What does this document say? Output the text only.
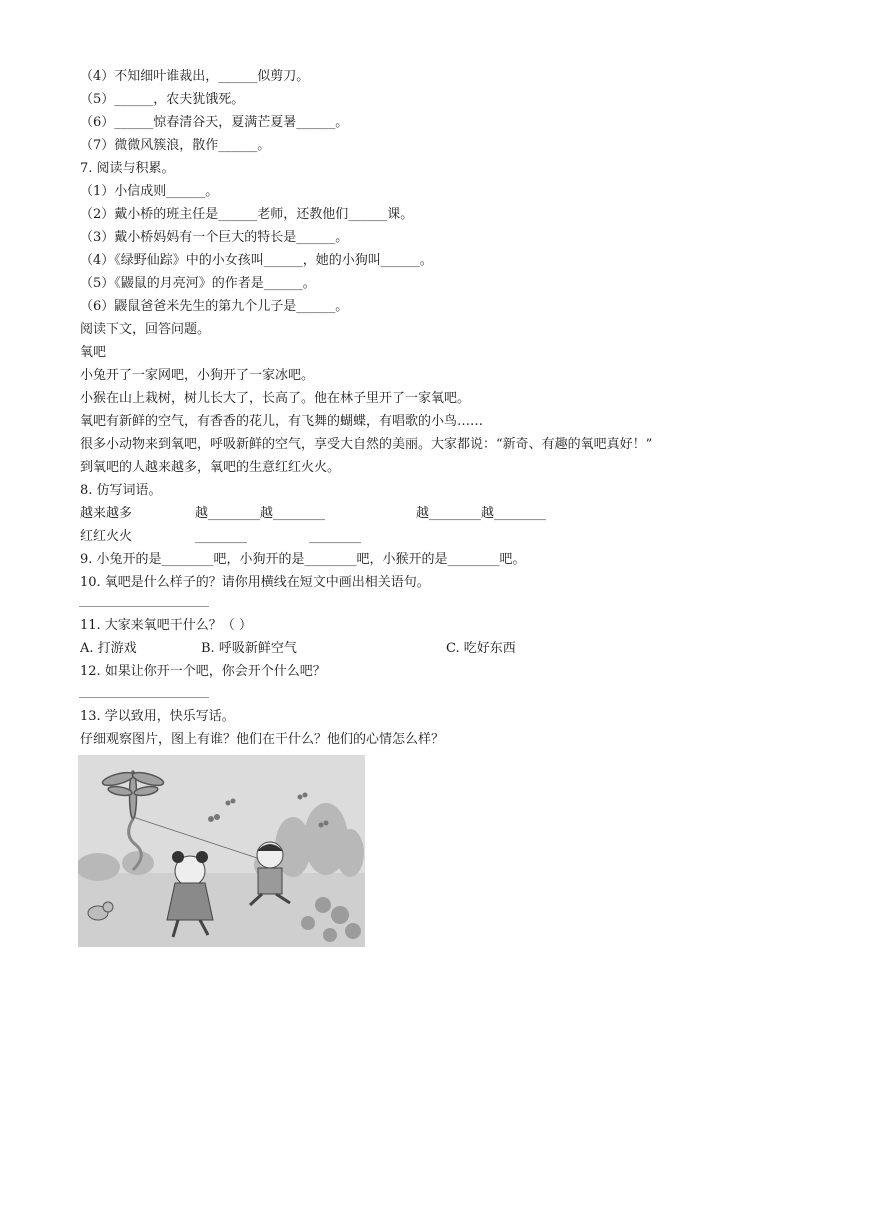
（4）不知细叶谁裁出，______似剪刀。
（5）______，农夫犹饿死。
（6）______惊春清谷天，夏满芒夏暑______。
（7）微微风簇浪，散作______。
7. 阅读与积累。
（1）小信成则______。
（2）戴小桥的班主任是______老师，还教他们______课。
（3）戴小桥妈妈有一个巨大的特长是______。
（4）《绿野仙踪》中的小女孩叫______，她的小狗叫______。
（5）《鼹鼠的月亮河》的作者是______。
（6）鼹鼠爸爸米先生的第九个儿子是______。
阅读下文，回答问题。
氧吧
小兔开了一家网吧，小狗开了一家冰吧。
小猴在山上栽树，树儿长大了，长高了。他在林子里开了一家氧吧。
氧吧有新鲜的空气，有香香的花儿，有飞舞的蝴蝶，有唱歌的小鸟……
很多小动物来到氧吧，呼吸新鲜的空气，享受大自然的美丽。大家都说：“新奇、有趣的氧吧真好！”
到氧吧的人越来越多，氧吧的生意红红火火。
8. 仿写词语。
越来越多	越________越________	越________越________
红红火火	________	________
9. 小兔开的是________吧，小狗开的是________吧，小猴开的是________吧。
10. 氧吧是什么样子的？请你用横线在短文中画出相关语句。
11. 大家来氧吧干什么？（ ）
A. 打游戏	B. 呼吸新鲜空气	C. 吃好东西
12. 如果让你开一个吧，你会开个什么吧？
13. 学以致用，快乐写话。
仔细观察图片，图上有谁？他们在干什么？他们的心情怎么样？
